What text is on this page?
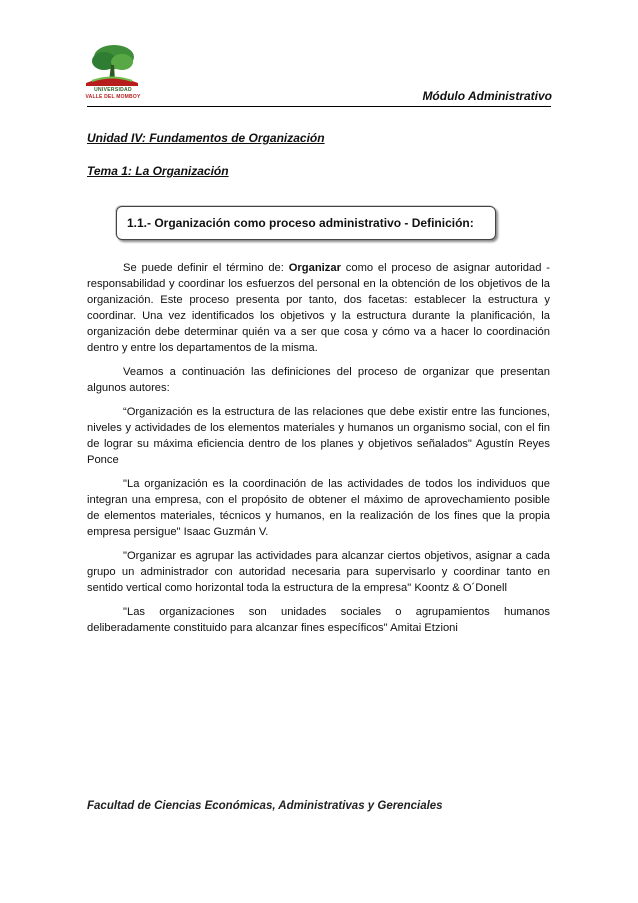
UNIVERSIDAD
VALLE DEL MOMBOY	Módulo Administrativo
Unidad IV: Fundamentos de Organización
Tema 1: La Organización
1.1.- Organización como proceso administrativo - Definición:

Se puede definir el término de: Organizar como el proceso de asignar autoridad - responsabilidad y coordinar los esfuerzos del personal en la obtención de los objetivos de la organización. Este proceso presenta por tanto, dos facetas: establecer la estructura y coordinar. Una vez identificados los objetivos y la estructura durante la planificación, la organización debe determinar quién va a ser que cosa y cómo va a hacer lo coordinación dentro y entre los departamentos de la misma.

Veamos a continuación las definiciones del proceso de organizar que presentan algunos autores:

“Organización es la estructura de las relaciones que debe existir entre las funciones, niveles y actividades de los elementos materiales y humanos un organismo social, con el fin de lograr su máxima eficiencia dentro de los planes y objetivos señalados" Agustín Reyes Ponce

"La organización es la coordinación de las actividades de todos los individuos que integran una empresa, con el propósito de obtener el máximo de aprovechamiento posible de elementos materiales, técnicos y humanos, en la realización de los fines que la propia empresa persigue" Isaac Guzmán V.

"Organizar es agrupar las actividades para alcanzar ciertos objetivos, asignar a cada grupo un administrador con autoridad necesaria para supervisarlo y coordinar tanto en sentido vertical como horizontal toda la estructura de la empresa" Koontz & O´Donell

"Las organizaciones son unidades sociales o agrupamientos humanos deliberadamente constituido para alcanzar fines específicos" Amitai Etzioni

Facultad de Ciencias Económicas, Administrativas y Gerenciales
